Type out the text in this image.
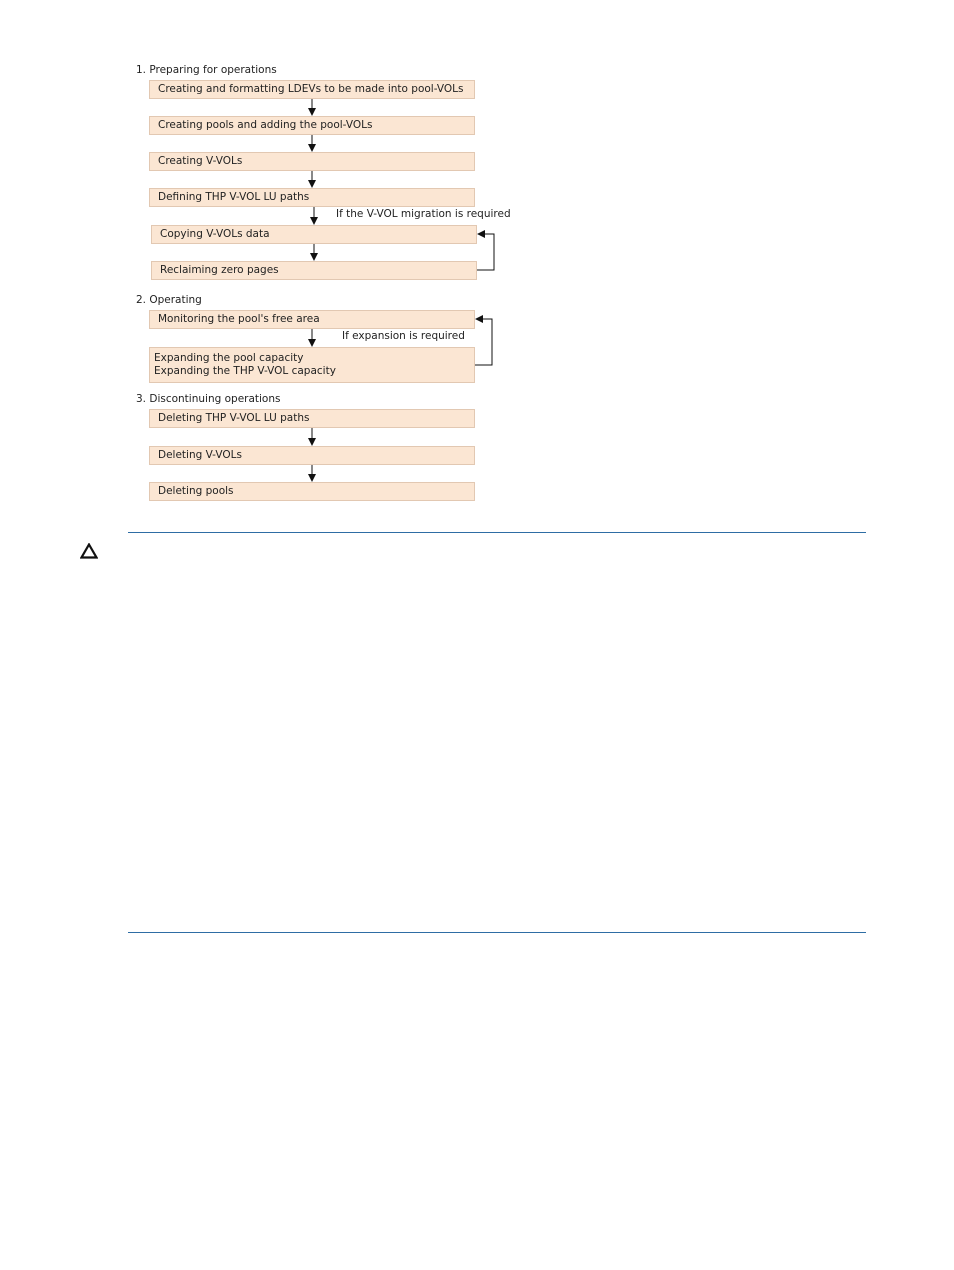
1. Preparing for operations
Creating and formatting LDEVs to be made into pool-VOLs
Creating pools and adding the pool-VOLs
Creating V-VOLs
Defining THP V-VOL LU paths
If the V-VOL migration is required
Copying V-VOLs data
Reclaiming zero pages
2. Operating
Monitoring the pool's free area
If expansion is required
Expanding the pool capacity
Expanding the THP V-VOL capacity
3. Discontinuing operations
Deleting THP V-VOL LU paths
Deleting V-VOLs
Deleting pools
